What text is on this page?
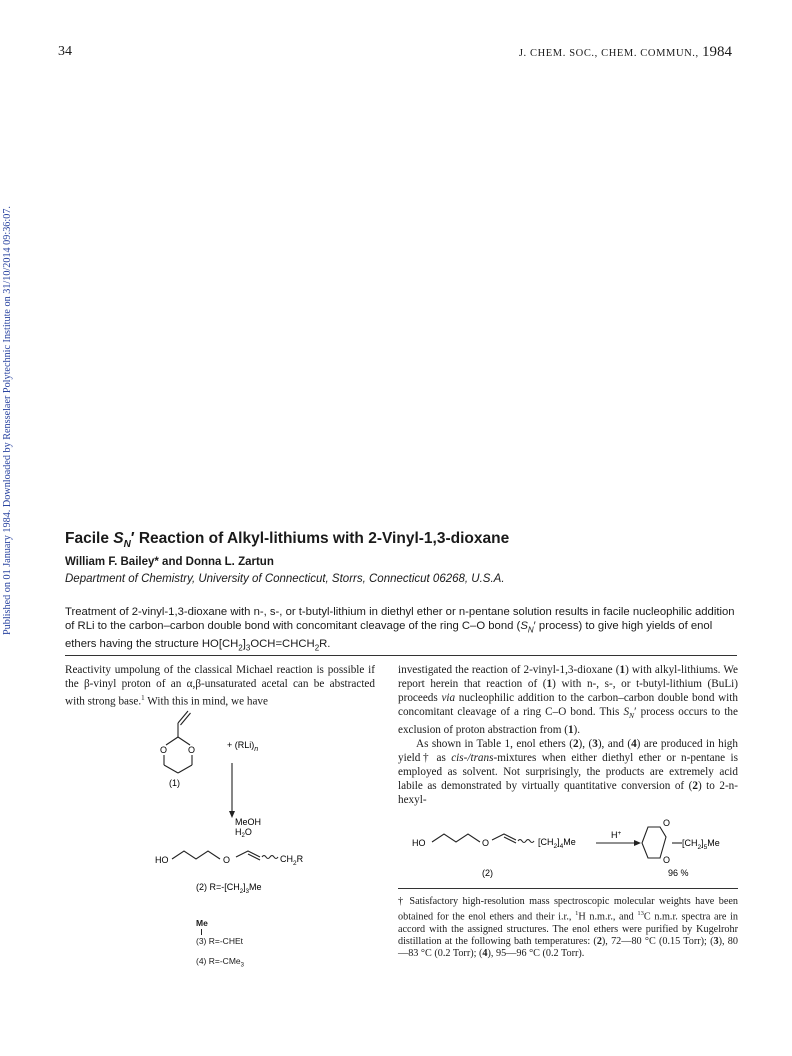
34	J. CHEM. SOC., CHEM. COMMUN., 1984
Published on 01 January 1984. Downloaded by Rensselaer Polytechnic Institute on 31/10/2014 09:36:07.	Facile $S_N'$ Reaction of Alkyl-lithiums with 2-Vinyl-1,3-dioxane
William F. Bailey* and Donna L. Zartun
Department of Chemistry, University of Connecticut, Storrs, Connecticut 06268, U.S.A.
Treatment of 2-vinyl-1,3-dioxane with n-, s-, or t-butyl-lithium in diethyl ether or n-pentane solution results in facile nucleophilic addition of RLi to the carbon–carbon double bond with concomitant cleavage of the ring C–O bond ($S_N'$ process) to give high yields of enol ethers having the structure $HO[CH_2]_3OCH=CHCH_2R$.

Reactivity umpolung of the classical Michael reaction is possible if the β-vinyl proton of an α,β-unsaturated acetal can be abstracted with strong base.$^1$ With this in mind, we have

O O	+ $(RLi)_n$
(1)
MeOH
$H_2O$
HO	O	$CH_2R$
(2) $R=-[CH_2]_3Me$
Me
(3) R=-CHEt
(4) R=-CMe$_3$

investigated the reaction of 2-vinyl-1,3-dioxane (1) with alkyl-lithiums. We report herein that reaction of (1) with n-, s-, or t-butyl-lithium (BuLi) proceeds via nucleophilic addition to the carbon–carbon double bond with concomitant cleavage of a ring C–O bond. This $S_N'$ process occurs to the exclusion of proton abstraction from (1).

As shown in Table 1, enol ethers (2), (3), and (4) are produced in high yield† as cis-/trans-mixtures when either diethyl ether or n-pentane is employed as solvent. Not surprisingly, the products are extremely acid labile as demonstrated by virtually quantitative conversion of (2) to 2-n-hexyl-

HO	O	$[CH_2]_4Me$
H+
O
O
$[CH_2]_5Me$
(2)	96 %
† Satisfactory high-resolution mass spectroscopic molecular weights have been obtained for the enol ethers and their i.r., $^1$H n.m.r., and $^{13}$C n.m.r. spectra are in accord with the assigned structures. The enol ethers were purified by Kugelrohr distillation at the following bath temperatures: (2), 72—80 °C (0.15 Torr); (3), 80—83 °C (0.2 Torr); (4), 95—96 °C (0.2 Torr).
